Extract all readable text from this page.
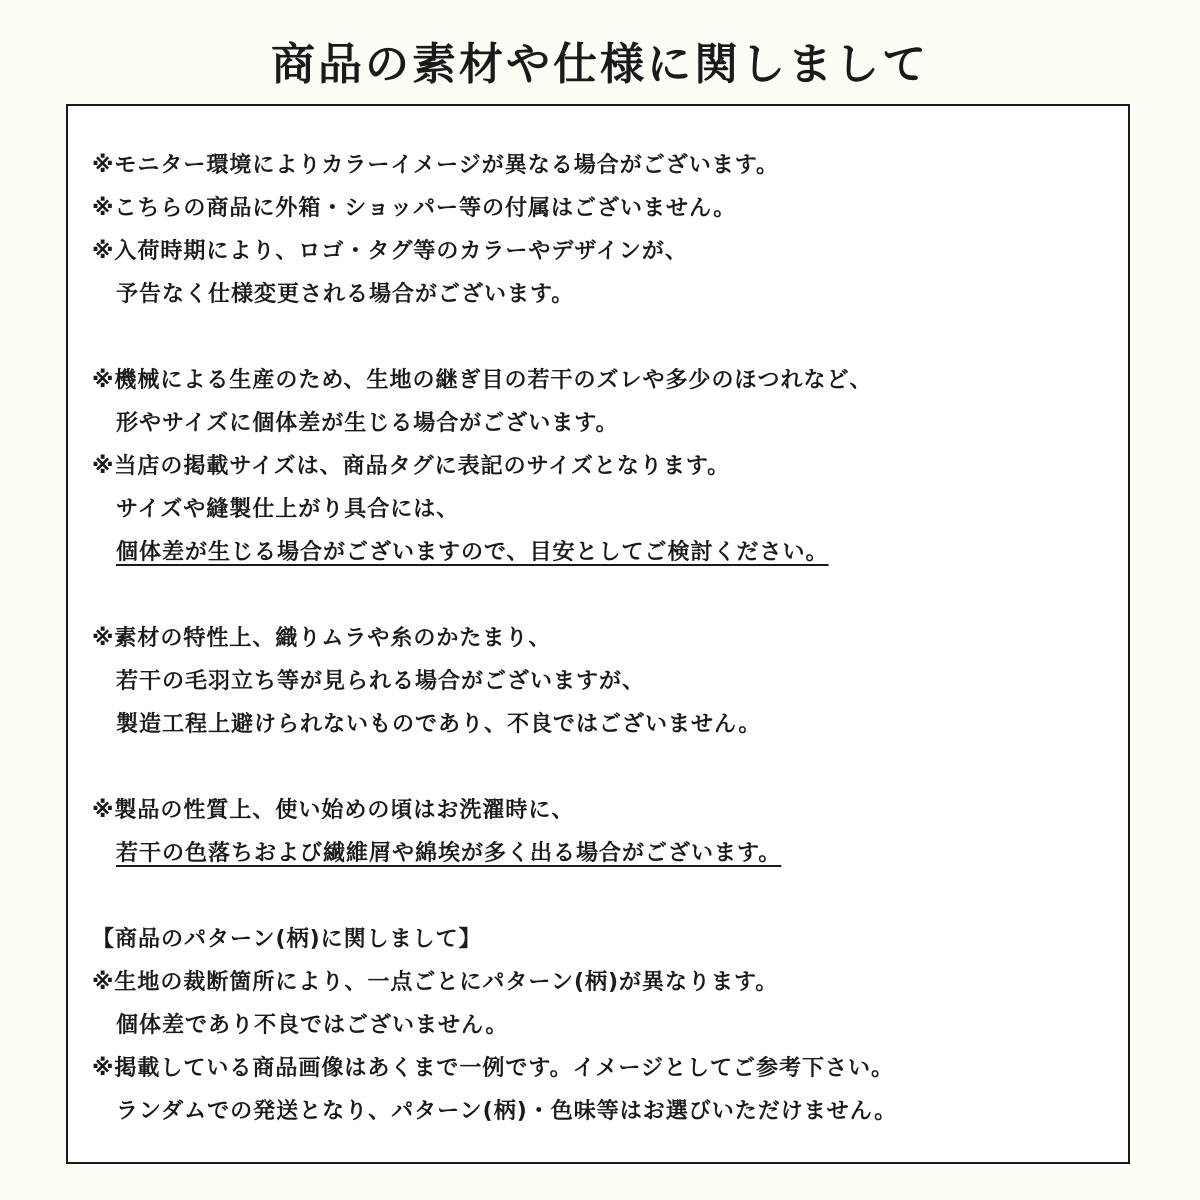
商品の素材や仕様に関しまして
※モニター環境によりカラーイメージが異なる場合がございます。
※こちらの商品に外箱・ショッパー等の付属はございません。
※入荷時期により、ロゴ・タグ等のカラーやデザインが、
予告なく仕様変更される場合がございます。
※機械による生産のため、生地の継ぎ目の若干のズレや多少のほつれなど、
形やサイズに個体差が生じる場合がございます。
※当店の掲載サイズは、商品タグに表記のサイズとなります。
サイズや縫製仕上がり具合には、
個体差が生じる場合がございますので、目安としてご検討ください。
※素材の特性上、織りムラや糸のかたまり、
若干の毛羽立ち等が見られる場合がございますが、
製造工程上避けられないものであり、不良ではございません。
※製品の性質上、使い始めの頃はお洗濯時に、
若干の色落ちおよび繊維屑や綿埃が多く出る場合がございます。
【商品のパターン(柄)に関しまして】
※生地の裁断箇所により、一点ごとにパターン(柄)が異なります。
個体差であり不良ではございません。
※掲載している商品画像はあくまで一例です。イメージとしてご参考下さい。
ランダムでの発送となり、パターン(柄)・色味等はお選びいただけません。
